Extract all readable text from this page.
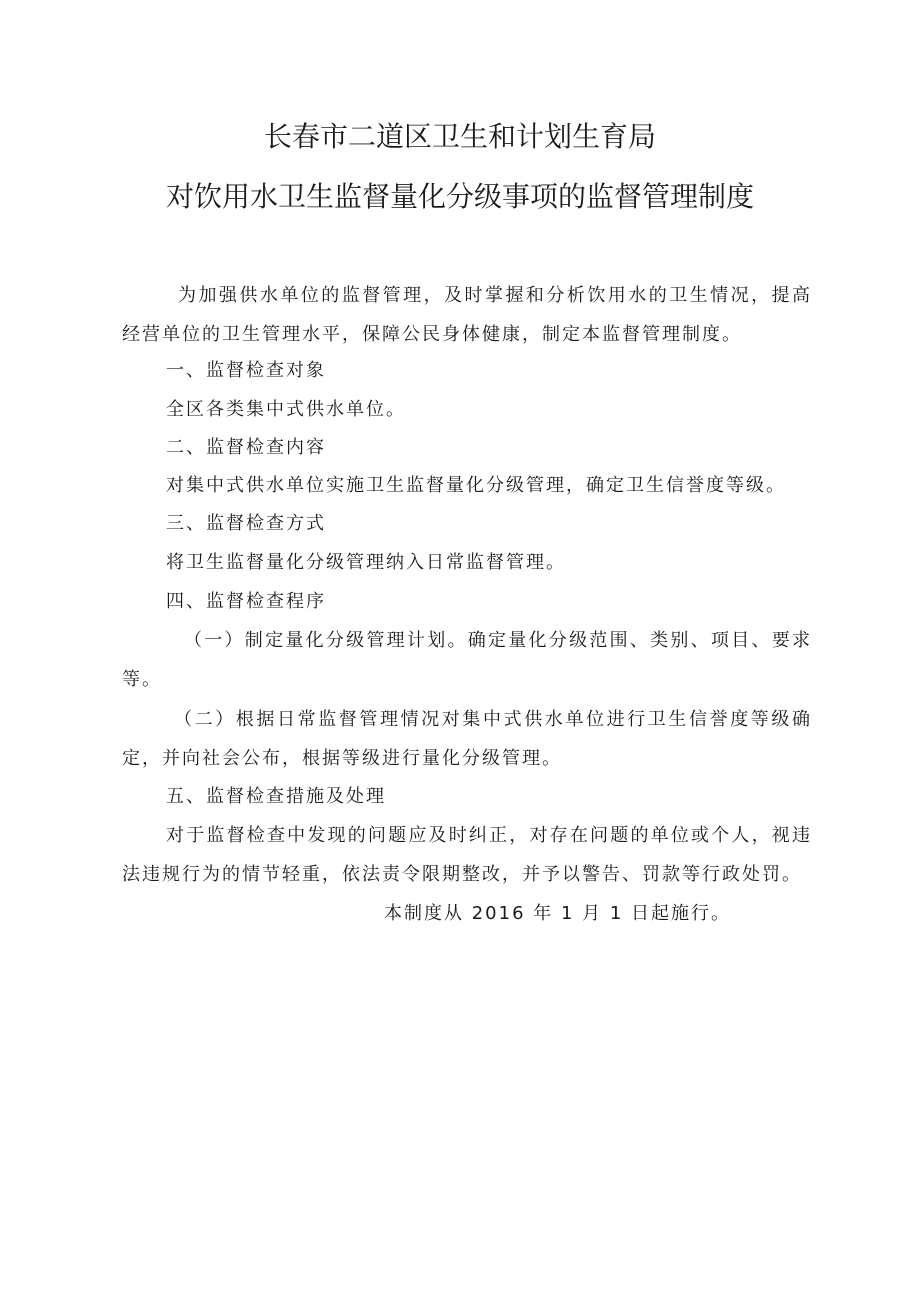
长春市二道区卫生和计划生育局
对饮用水卫生监督量化分级事项的监督管理制度

为加强供水单位的监督管理，及时掌握和分析饮用水的卫生情况，提高经营单位的卫生管理水平，保障公民身体健康，制定本监督管理制度。

一、监督检查对象

全区各类集中式供水单位。

二、监督检查内容

对集中式供水单位实施卫生监督量化分级管理，确定卫生信誉度等级。

三、监督检查方式

将卫生监督量化分级管理纳入日常监督管理。

四、监督检查程序

（一）制定量化分级管理计划。确定量化分级范围、类别、项目、要求等。

（二）根据日常监督管理情况对集中式供水单位进行卫生信誉度等级确定，并向社会公布，根据等级进行量化分级管理。

五、监督检查措施及处理

对于监督检查中发现的问题应及时纠正，对存在问题的单位或个人，视违法违规行为的情节轻重，依法责令限期整改，并予以警告、罚款等行政处罚。

本制度从 2016 年 1 月 1 日起施行。
